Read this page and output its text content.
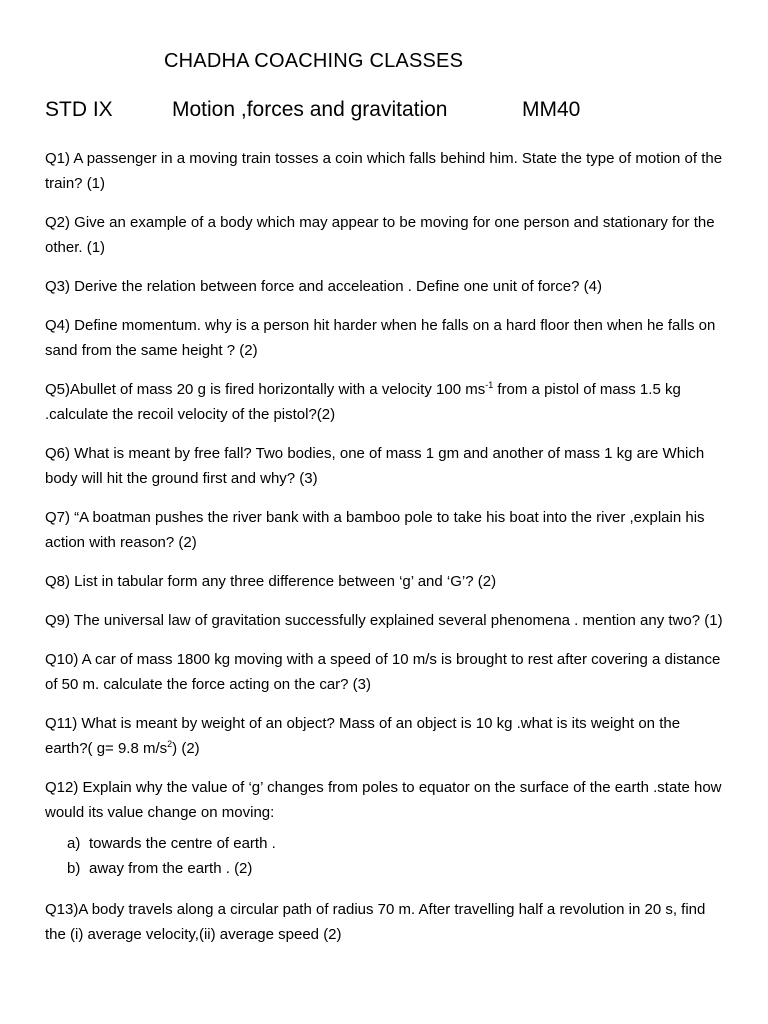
CHADHA COACHING CLASSES
STD IX	Motion ,forces and gravitation	MM40

Q1) A passenger in a moving train tosses a coin which falls behind him. State the type of motion of the train? (1)

Q2) Give an example of a body which may appear to be moving for one person and stationary for the other. (1)

Q3) Derive the relation between force and acceleation . Define one unit of force? (4)

Q4) Define momentum. why is a person hit harder when he falls on a hard floor then when he falls on sand from the same height ? (2)

Q5)Abullet of mass 20 g is fired horizontally with a velocity 100 $ms^{-1}$ from a pistol of mass 1.5 kg .calculate the recoil velocity of the pistol?(2)

Q6) What is meant by free fall? Two bodies, one of mass 1 gm and another of mass 1 kg are Which body will hit the ground first and why? (3)

Q7) “A boatman pushes the river bank with a bamboo pole to take his boat into the river ,explain his action with reason? (2)

Q8) List in tabular form any three difference between ‘g’ and ‘G’? (2)

Q9) The universal law of gravitation successfully explained several phenomena . mention any two? (1)

Q10) A car of mass 1800 kg moving with a speed of 10 m/s is brought to rest after covering a distance of 50 m. calculate the force acting on the car? (3)

Q11) What is meant by weight of an object? Mass of an object is 10 kg .what is its weight on the earth?( g= 9.8 $m/s^2$) (2)

Q12) Explain why the value of ‘g’ changes from poles to equator on the surface of the earth .state how would its value change on moving:

a) towards the centre of earth .
b) away from the earth . (2)

Q13)A body travels along a circular path of radius 70 m. After travelling half a revolution in 20 s, find the (i) average velocity,(ii) average speed (2)
